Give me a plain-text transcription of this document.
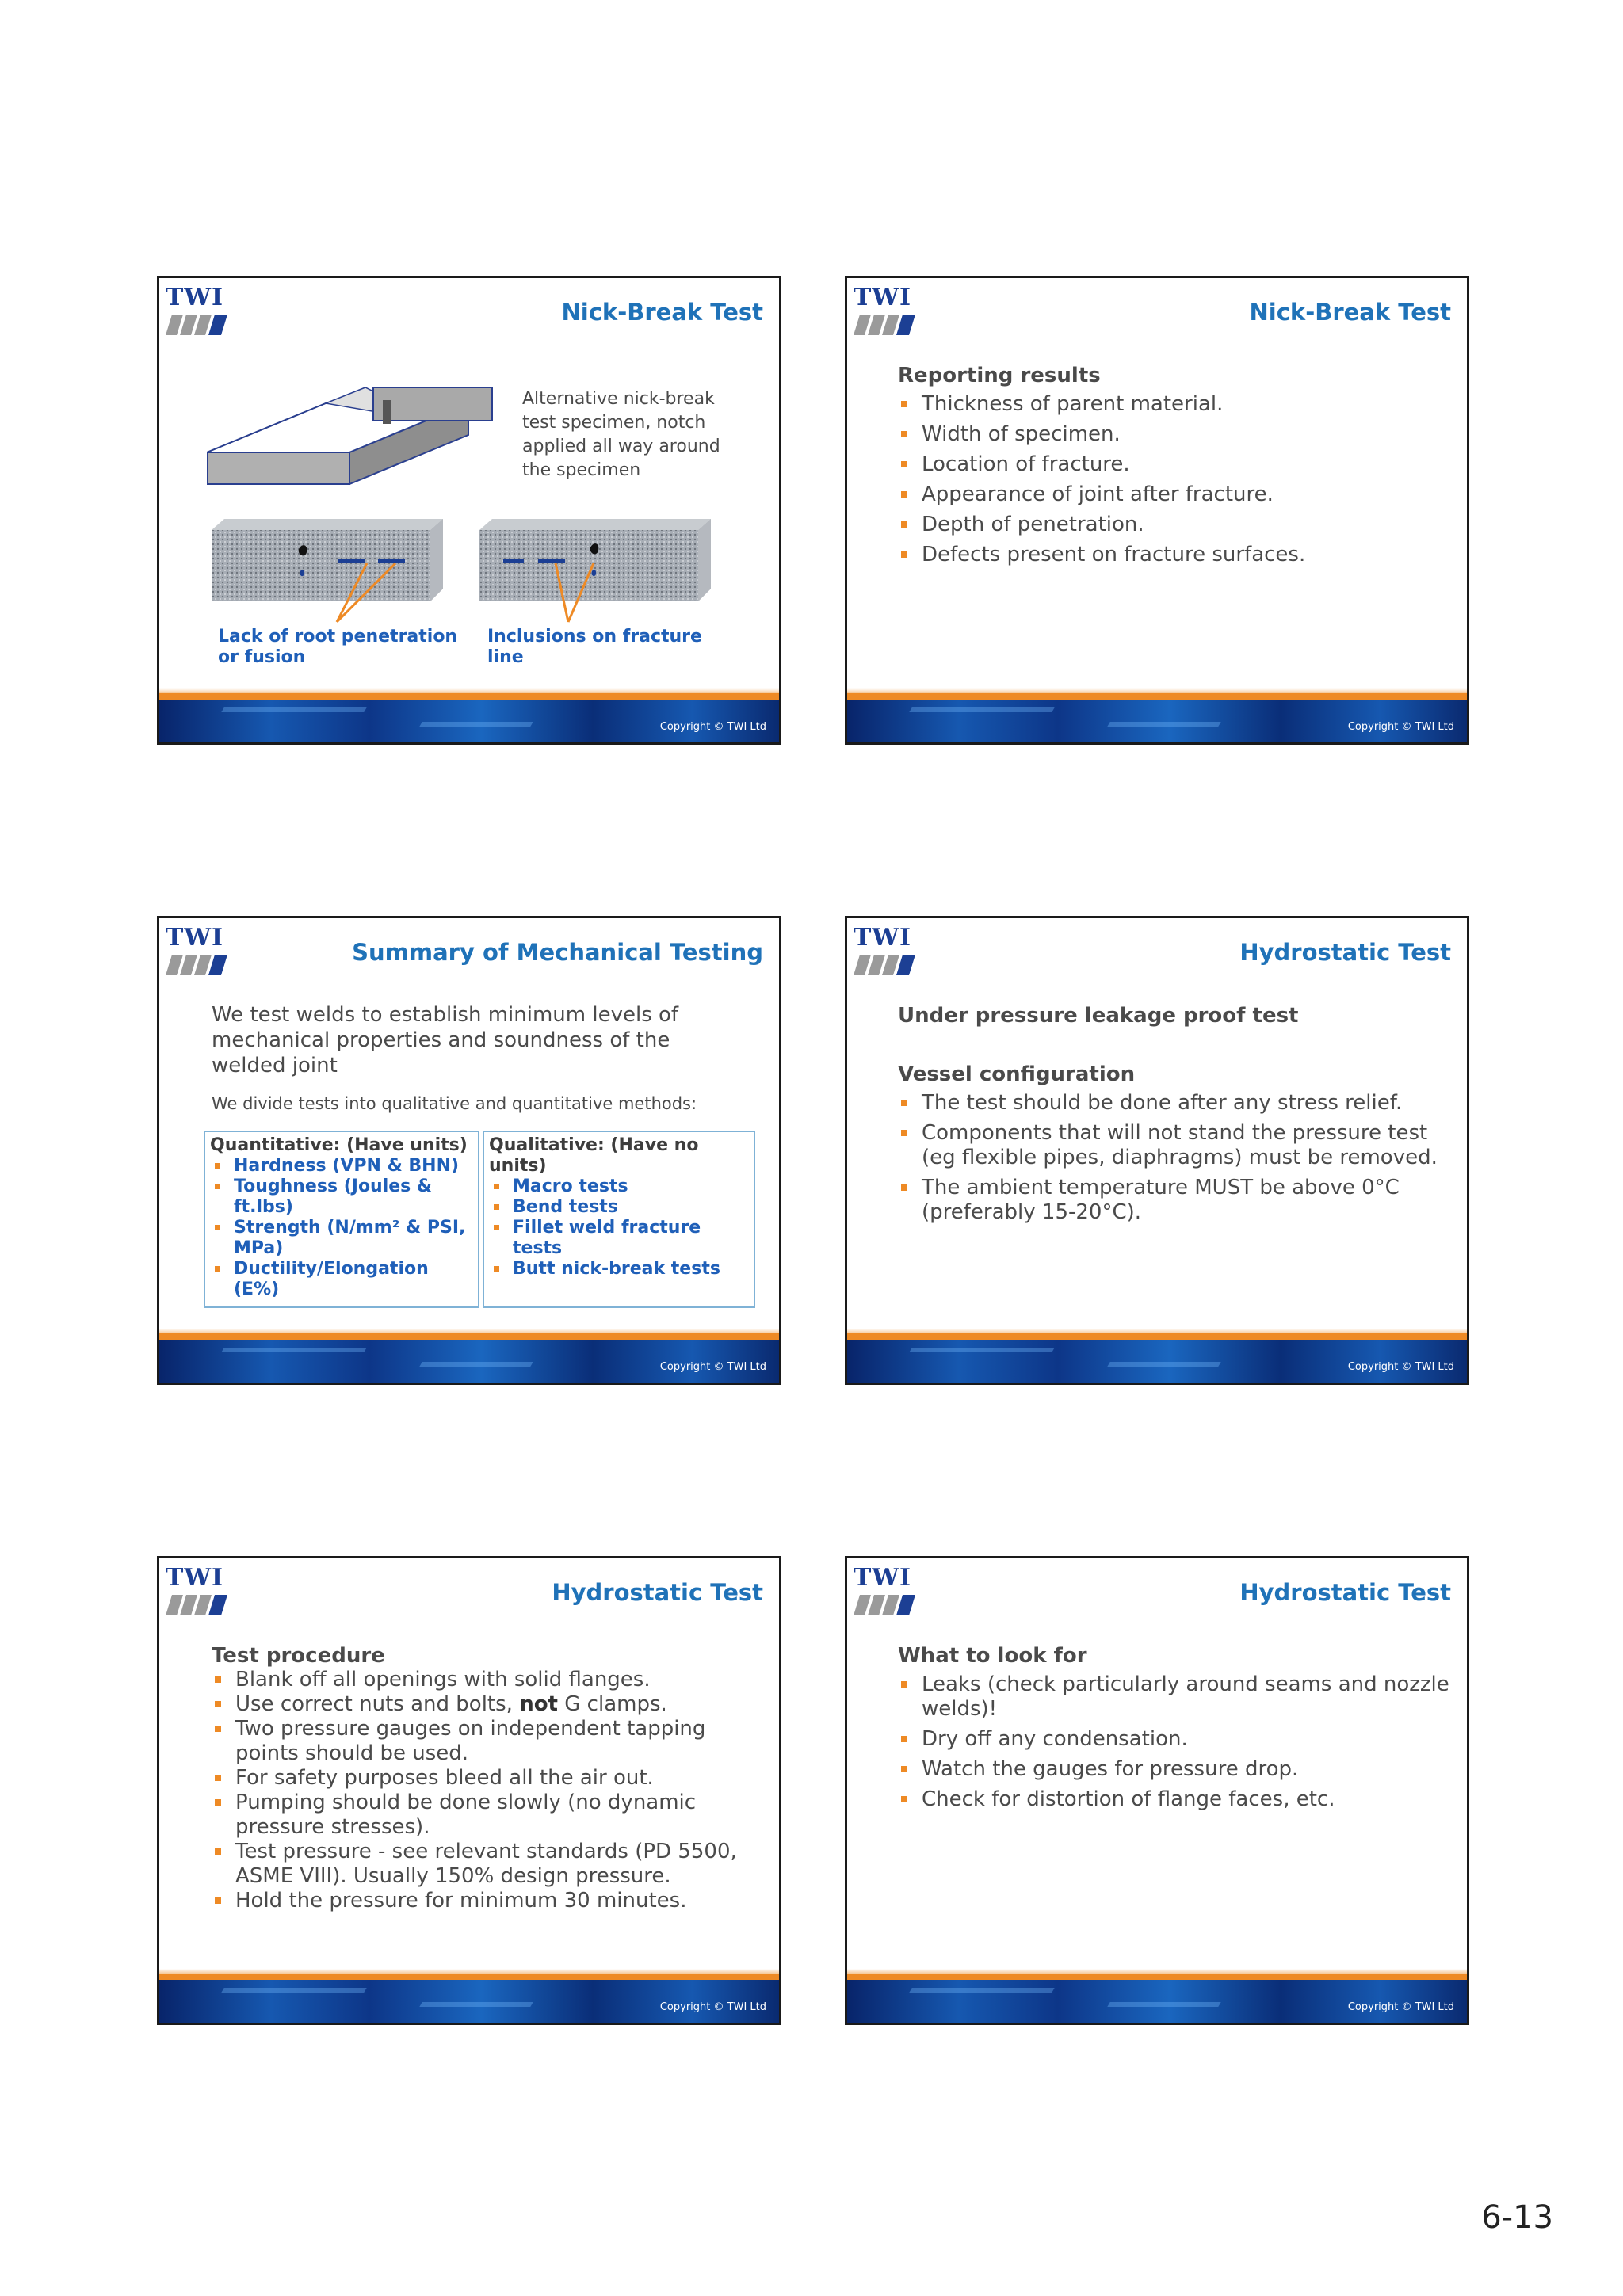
TWI
Nick-Break Test
Alternative nick-break test specimen, notch applied all way around the specimen
Lack of root penetration or fusion
Inclusions on fracture line
Copyright © TWI Ltd
TWI
Nick-Break Test
Reporting results
Thickness of parent material.
Width of specimen.
Location of fracture.
Appearance of joint after fracture.
Depth of penetration.
Defects present on fracture surfaces.
Copyright © TWI Ltd
TWI
Summary of Mechanical Testing
We test welds to establish minimum levels of mechanical properties and soundness of the welded joint
We divide tests into qualitative and quantitative methods:
Quantitative: (Have units)
Hardness (VPN & BHN)
Toughness (Joules & ft.lbs)
Strength (N/mm² & PSI, MPa)
Ductility/Elongation (E%)
Qualitative: (Have no units)
Macro tests
Bend tests
Fillet weld fracture tests
Butt nick-break tests
Copyright © TWI Ltd
TWI
Hydrostatic Test
Under pressure leakage proof test
Vessel configuration
The test should be done after any stress relief.
Components that will not stand the pressure test (eg flexible pipes, diaphragms) must be removed.
The ambient temperature MUST be above 0°C (preferably 15-20°C).
Copyright © TWI Ltd
TWI
Hydrostatic Test
Test procedure
Blank off all openings with solid flanges.
Use correct nuts and bolts, not G clamps.
Two pressure gauges on independent tapping points should be used.
For safety purposes bleed all the air out.
Pumping should be done slowly (no dynamic pressure stresses).
Test pressure - see relevant standards (PD 5500, ASME VIII). Usually 150% design pressure.
Hold the pressure for minimum 30 minutes.
Copyright © TWI Ltd
TWI
Hydrostatic Test
What to look for
Leaks (check particularly around seams and nozzle welds)!
Dry off any condensation.
Watch the gauges for pressure drop.
Check for distortion of flange faces, etc.
Copyright © TWI Ltd
6-13
